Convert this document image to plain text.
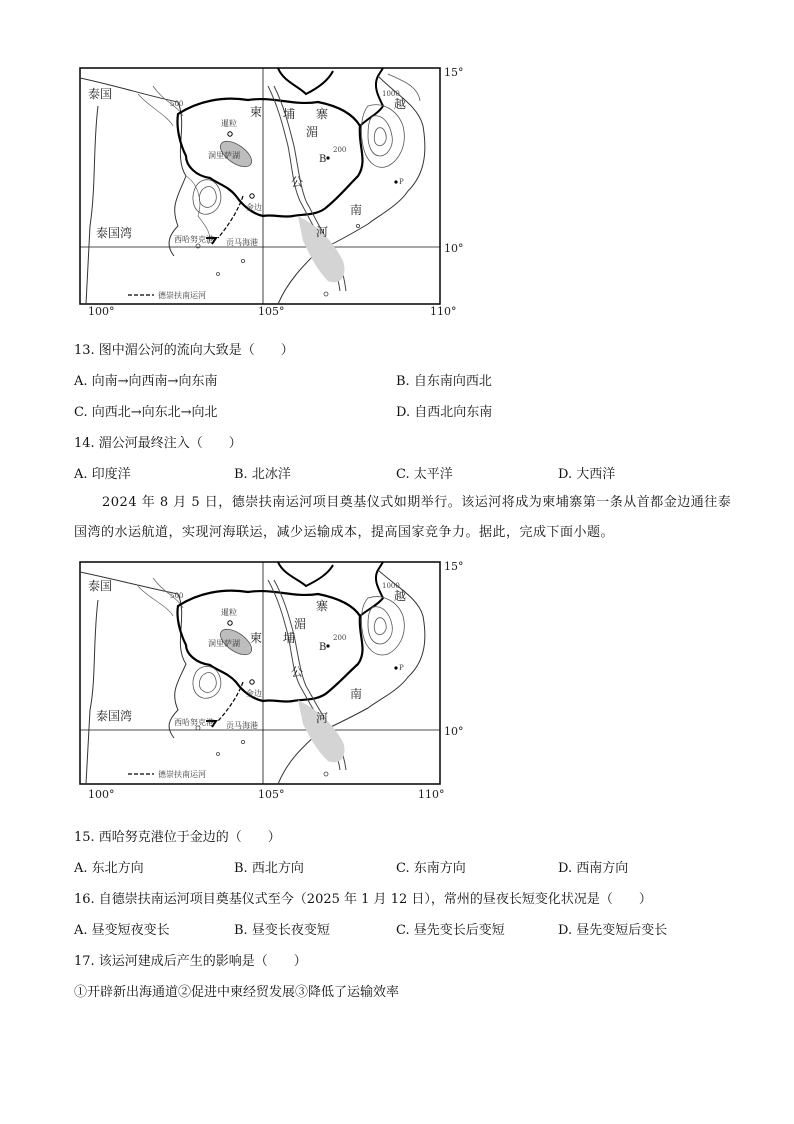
泰国
泰国湾
柬 埔 寨
湄
公
河
越
南
暹粒
洞里萨湖
金边
西哈努克港 贡马海港
B
P
200
500
1000
德崇扶南运河
15°
10°
100°	105°	110°
13. 图中湄公河的流向大致是（　　）
A. 向南→向西南→向东南	B. 自东南向西北
C. 向西北→向东北→向北	D. 自西北向东南
14. 湄公河最终注入（　　）
A. 印度洋	B. 北冰洋	C. 太平洋	D. 大西洋
2024 年 8 月 5 日，德崇扶南运河项目奠基仪式如期举行。该运河将成为柬埔寨第一条从首都金边通往泰国湾的水运航道，实现河海联运，减少运输成本，提高国家竞争力。据此，完成下面小题。
泰国
泰国湾
柬 埔
寨
湄
公
河
越
南
暹粒
洞里萨湖
金边
西哈努克港 贡马海港
B
P
200
500
1000
德崇扶南运河
15°
10°
100°	105°	110°
15. 西哈努克港位于金边的（　　）
A. 东北方向	B. 西北方向	C. 东南方向	D. 西南方向
16. 自德崇扶南运河项目奠基仪式至今（2025 年 1 月 12 日），常州的昼夜长短变化状况是（　　）
A. 昼变短夜变长	B. 昼变长夜变短	C. 昼先变长后变短	D. 昼先变短后变长
17. 该运河建成后产生的影响是（　　）
①开辟新出海通道②促进中柬经贸发展③降低了运输效率
